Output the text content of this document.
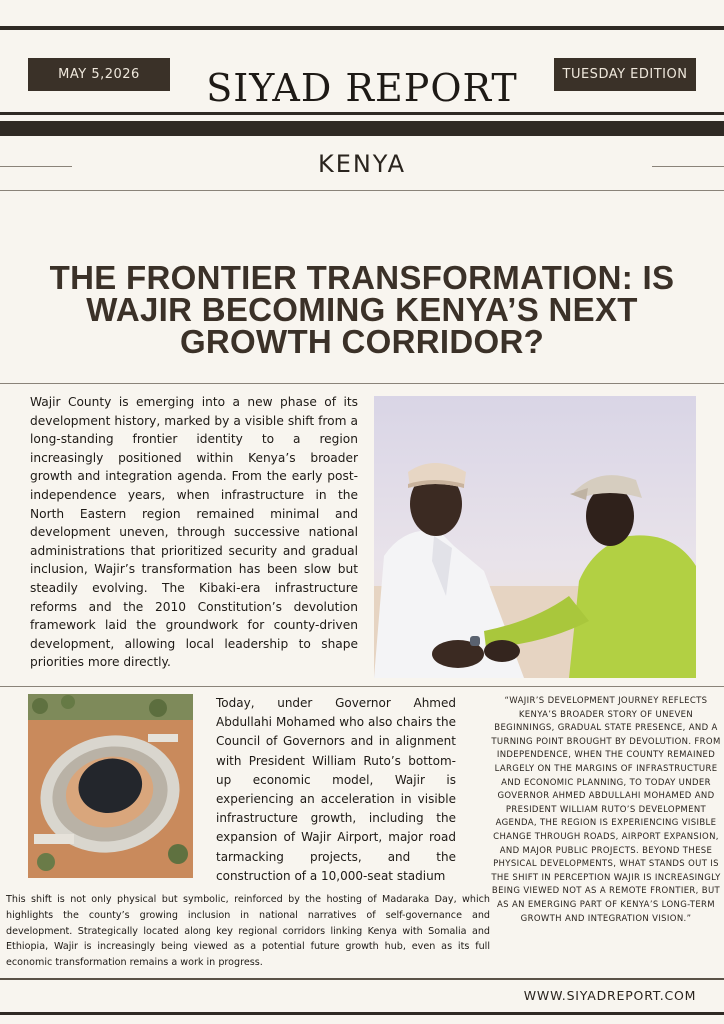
MAY 5,2026	TUESDAY EDITION
SIYAD REPORT
KENYA
THE FRONTIER TRANSFORMATION: IS WAJIR BECOMING KENYA’S NEXT GROWTH CORRIDOR?
Wajir County is emerging into a new phase of its development history, marked by a visible shift from a long-standing frontier identity to a region increasingly positioned within Kenya’s broader growth and integration agenda. From the early post-independence years, when infrastructure in the North Eastern region remained minimal and development uneven, through successive national administrations that prioritized security and gradual inclusion, Wajir’s transformation has been slow but steadily evolving. The Kibaki-era infrastructure reforms and the 2010 Constitution’s devolution framework laid the groundwork for county-driven development, allowing local leadership to shape priorities more directly.
Today, under Governor Ahmed Abdullahi Mohamed who also chairs the Council of Governors and in alignment with President William Ruto’s bottom-up economic model, Wajir is experiencing an acceleration in visible infrastructure growth, including the expansion of Wajir Airport, major road tarmacking projects, and the construction of a 10,000-seat stadium
“WAJIR’S DEVELOPMENT JOURNEY REFLECTS KENYA’S BROADER STORY OF UNEVEN BEGINNINGS, GRADUAL STATE PRESENCE, AND A TURNING POINT BROUGHT BY DEVOLUTION. FROM INDEPENDENCE, WHEN THE COUNTY REMAINED LARGELY ON THE MARGINS OF INFRASTRUCTURE AND ECONOMIC PLANNING, TO TODAY UNDER GOVERNOR AHMED ABDULLAHI MOHAMED AND PRESIDENT WILLIAM RUTO’S DEVELOPMENT AGENDA, THE REGION IS EXPERIENCING VISIBLE CHANGE THROUGH ROADS, AIRPORT EXPANSION, AND MAJOR PUBLIC PROJECTS. BEYOND THESE PHYSICAL DEVELOPMENTS, WHAT STANDS OUT IS THE SHIFT IN PERCEPTION WAJIR IS INCREASINGLY BEING VIEWED NOT AS A REMOTE FRONTIER, BUT AS AN EMERGING PART OF KENYA’S LONG-TERM GROWTH AND INTEGRATION VISION.”
This shift is not only physical but symbolic, reinforced by the hosting of Madaraka Day, which highlights the county’s growing inclusion in national narratives of self-governance and development. Strategically located along key regional corridors linking Kenya with Somalia and Ethiopia, Wajir is increasingly being viewed as a potential future growth hub, even as its full economic transformation remains a work in progress.
WWW.SIYADREPORT.COM
